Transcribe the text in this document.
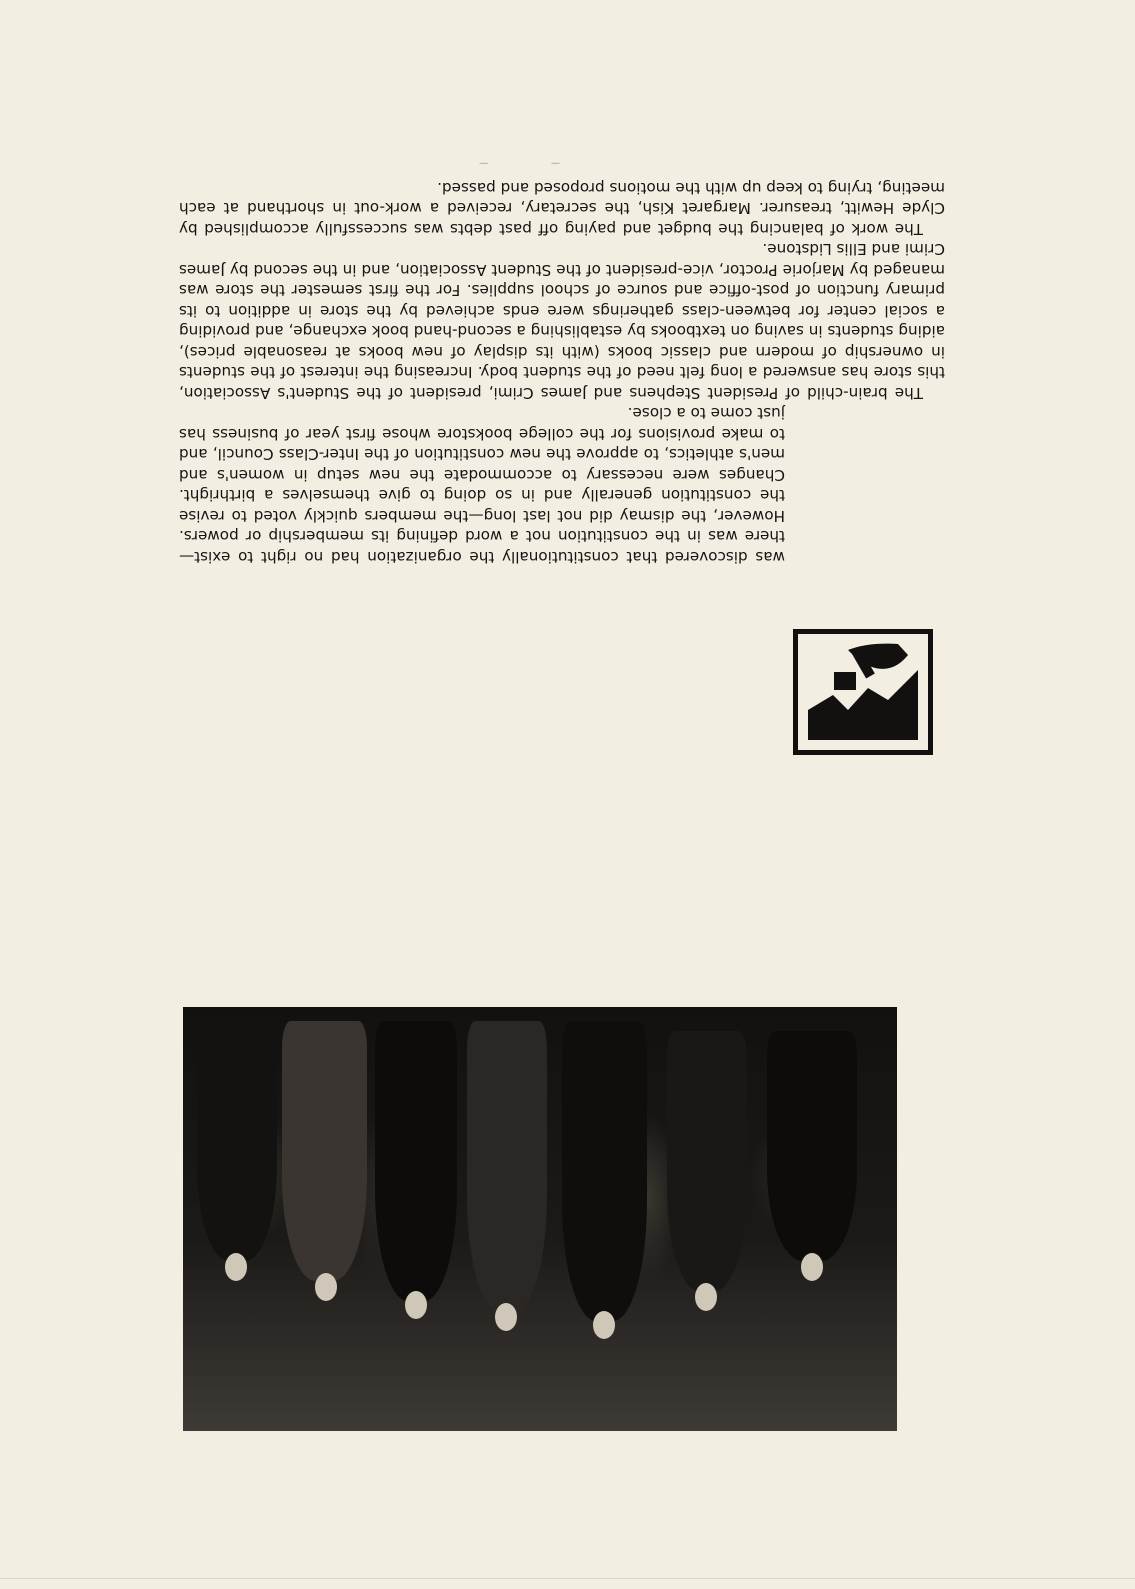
was discovered that constitutionally the organization had no right to exist—there was in the constitution not a word defining its membership or powers. However, the dismay did not last long—the members quickly voted to revise the constitution generally and in so doing to give themselves a birthright. Changes were necessary to accommodate the new setup in women's and men's athletics, to approve the new constitution of the Inter-Class Council, and to make provisions for the college bookstore whose first year of business has just come to a close.

The brain-child of President Stephens and James Crimi, president of the Student's Association, this store has answered a long felt need of the student body. Increasing the interest of the students in ownership of modern and classic books (with its display of new books at reasonable prices), aiding students in saving on textbooks by establishing a second-hand book exchange, and providing a social center for between-class gatherings were ends achieved by the store in addition to its primary function of post-office and source of school supplies. For the first semester the store was managed by Marjorie Proctor, vice-president of the Student Association, and in the second by James Crimi and Ellis Lidstone.

The work of balancing the budget and paying off past debts was successfully accomplished by Clyde Hewitt, treasurer. Margaret Kish, the secretary, received a work-out in shorthand at each meeting, trying to keep up with the motions proposed and passed.

— —
